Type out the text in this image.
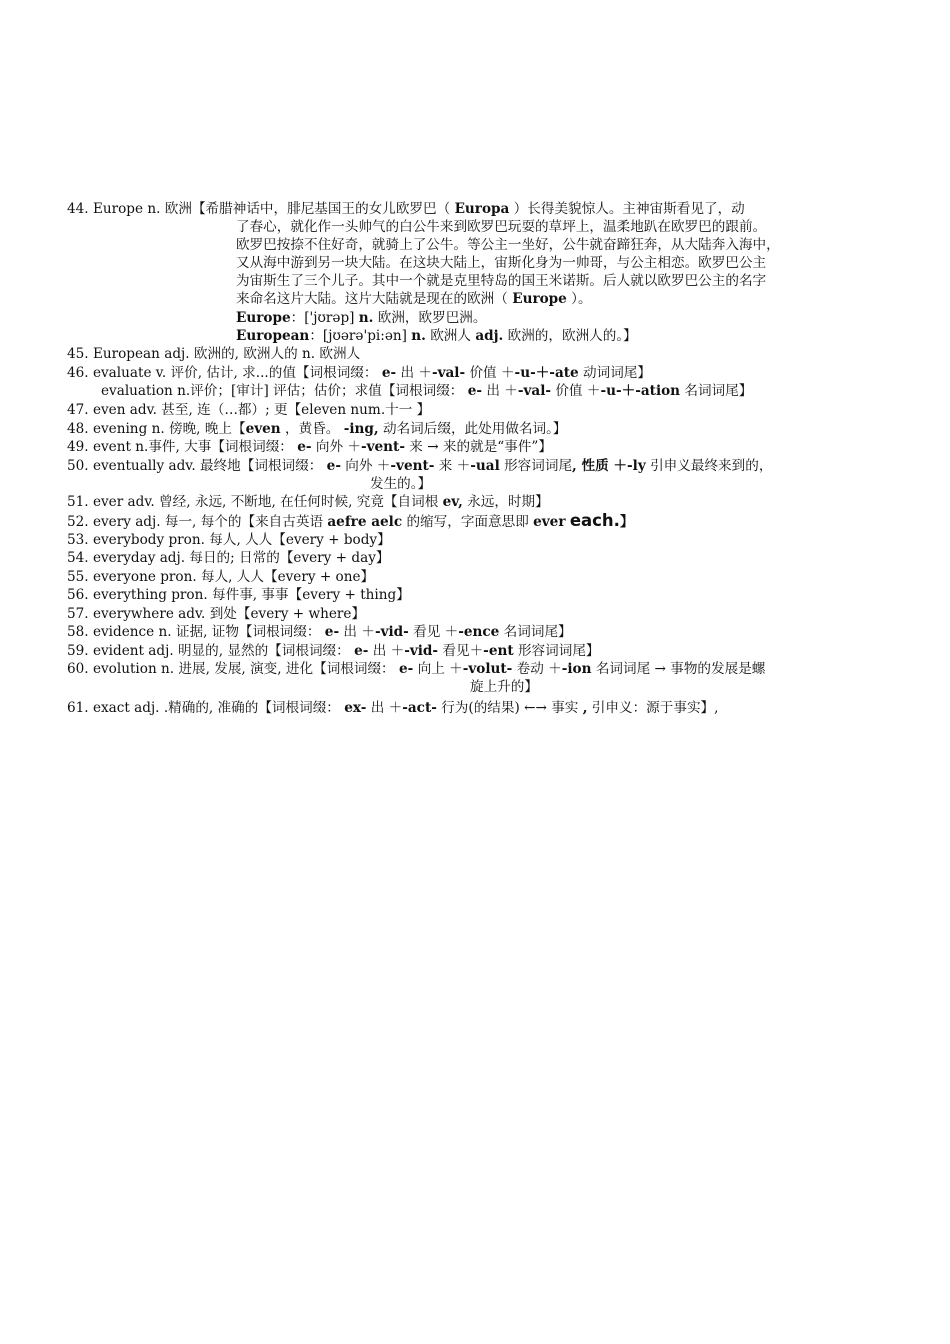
44. Europe n. 欧洲【希腊神话中，腓尼基国王的女儿欧罗巴（ Europa ）长得美貌惊人。主神宙斯看见了，动
了春心，就化作一头帅气的白公牛来到欧罗巴玩耍的草坪上，温柔地趴在欧罗巴的跟前。
欧罗巴按捺不住好奇，就骑上了公牛。等公主一坐好，公牛就奋蹄狂奔，从大陆奔入海中，
又从海中游到另一块大陆。在这块大陆上，宙斯化身为一帅哥，与公主相恋。欧罗巴公主
为宙斯生了三个儿子。其中一个就是克里特岛的国王米诺斯。后人就以欧罗巴公主的名字
来命名这片大陆。这片大陆就是现在的欧洲（ Europe ）。
Europe：['jʊrəp] n. 欧洲，欧罗巴洲。
European：[jʊərə'pi:ən] n. 欧洲人 adj. 欧洲的，欧洲人的。】
45. European adj. 欧洲的, 欧洲人的 n. 欧洲人
46. evaluate v. 评价, 估计, 求...的值【词根词缀： e- 出 ＋-val- 价值 ＋-u-＋-ate 动词词尾】
evaluation n.评价；[审计] 评估；估价；求值【词根词缀： e- 出 ＋-val- 价值 ＋-u-＋-ation 名词词尾】
47. even adv. 甚至, 连（…都）; 更【eleven num.十一 】
48. evening n. 傍晚, 晚上【even ，黄昏。 -ing, 动名词后缀，此处用做名词。】
49. event n.事件, 大事【词根词缀： e- 向外 ＋-vent- 来 → 来的就是“事件”】
50. eventually adv. 最终地【词根词缀： e- 向外 ＋-vent- 来 ＋-ual 形容词词尾, 性质 ＋-ly 引申义最终来到的，
发生的。】
51. ever adv. 曾经, 永远, 不断地, 在任何时候, 究竟【自词根 ev, 永远，时期】
52. every adj. 每一, 每个的【来自古英语 aefre aelc 的缩写，字面意思即 ever each.】
53. everybody pron. 每人, 人人【every + body】
54. everyday adj. 每日的; 日常的【every + day】
55. everyone pron. 每人, 人人【every + one】
56. everything pron. 每件事, 事事【every + thing】
57. everywhere adv. 到处【every + where】
58. evidence n. 证据, 证物【词根词缀： e- 出 ＋-vid- 看见 ＋-ence 名词词尾】
59. evident adj. 明显的, 显然的【词根词缀： e- 出 ＋-vid- 看见＋-ent 形容词词尾】
60. evolution n. 进展, 发展, 演变, 进化【词根词缀： e- 向上 ＋-volut- 卷动 ＋-ion 名词词尾 → 事物的发展是螺
旋上升的】
61. exact adj. .精确的, 准确的【词根词缀： ex- 出 ＋-act- 行为(的结果) ←→ 事实 , 引申义：源于事实】,
